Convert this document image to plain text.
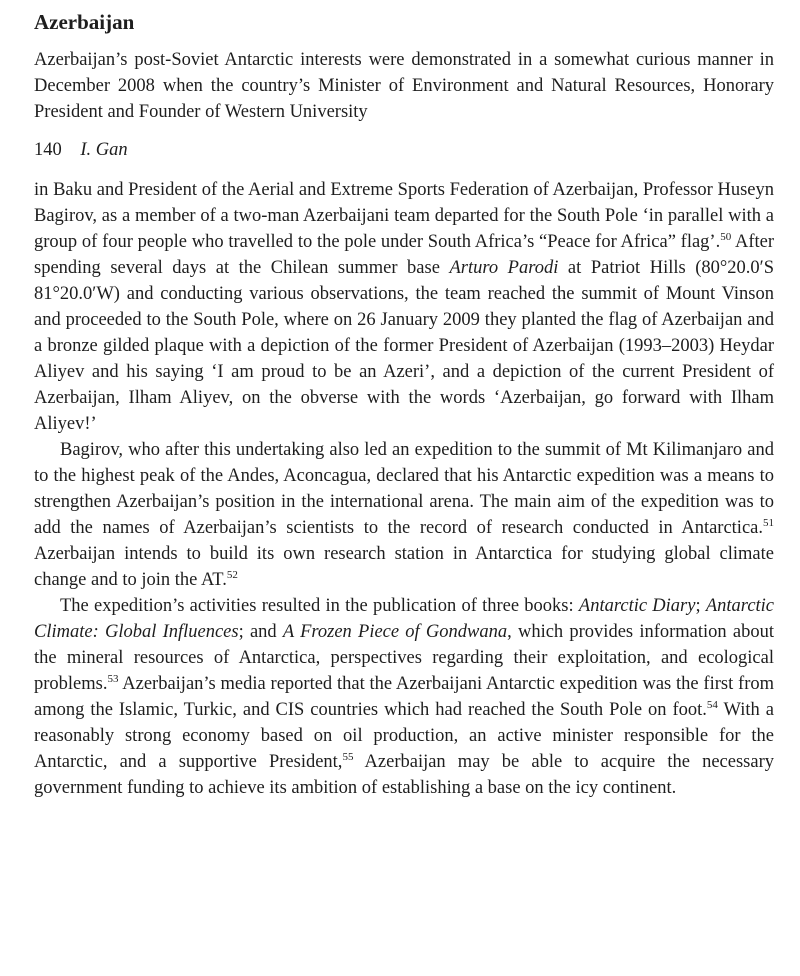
Azerbaijan

Azerbaijan’s post-Soviet Antarctic interests were demonstrated in a somewhat curious manner in December 2008 when the country’s Minister of Environment and Natural Resources, Honorary President and Founder of Western University

140 I. Gan

in Baku and President of the Aerial and Extreme Sports Federation of Azerbaijan, Professor Huseyn Bagirov, as a member of a two-man Azerbaijani team departed for the South Pole ‘in parallel with a group of four people who travelled to the pole under South Africa’s “Peace for Africa” flag’.$^{50}$ After spending several days at the Chilean summer base Arturo Parodi at Patriot Hills (80°20.0′S 81°20.0′W) and conducting various observations, the team reached the summit of Mount Vinson and proceeded to the South Pole, where on 26 January 2009 they planted the flag of Azerbaijan and a bronze gilded plaque with a depiction of the former President of Azerbaijan (1993–2003) Heydar Aliyev and his saying ‘I am proud to be an Azeri’, and a depiction of the current President of Azerbaijan, Ilham Aliyev, on the obverse with the words ‘Azerbaijan, go forward with Ilham Aliyev!’

Bagirov, who after this undertaking also led an expedition to the summit of Mt Kilimanjaro and to the highest peak of the Andes, Aconcagua, declared that his Antarctic expedition was a means to strengthen Azerbaijan’s position in the international arena. The main aim of the expedition was to add the names of Azerbaijan’s scientists to the record of research conducted in Antarctica.$^{51}$ Azerbaijan intends to build its own research station in Antarctica for studying global climate change and to join the AT.$^{52}$

The expedition’s activities resulted in the publication of three books: Antarctic Diary; Antarctic Climate: Global Influences; and A Frozen Piece of Gondwana, which provides information about the mineral resources of Antarctica, perspectives regarding their exploitation, and ecological problems.$^{53}$ Azerbaijan’s media reported that the Azerbaijani Antarctic expedition was the first from among the Islamic, Turkic, and CIS countries which had reached the South Pole on foot.$^{54}$ With a reasonably strong economy based on oil production, an active minister responsible for the Antarctic, and a supportive President,$^{55}$ Azerbaijan may be able to acquire the necessary government funding to achieve its ambition of establishing a base on the icy continent.
